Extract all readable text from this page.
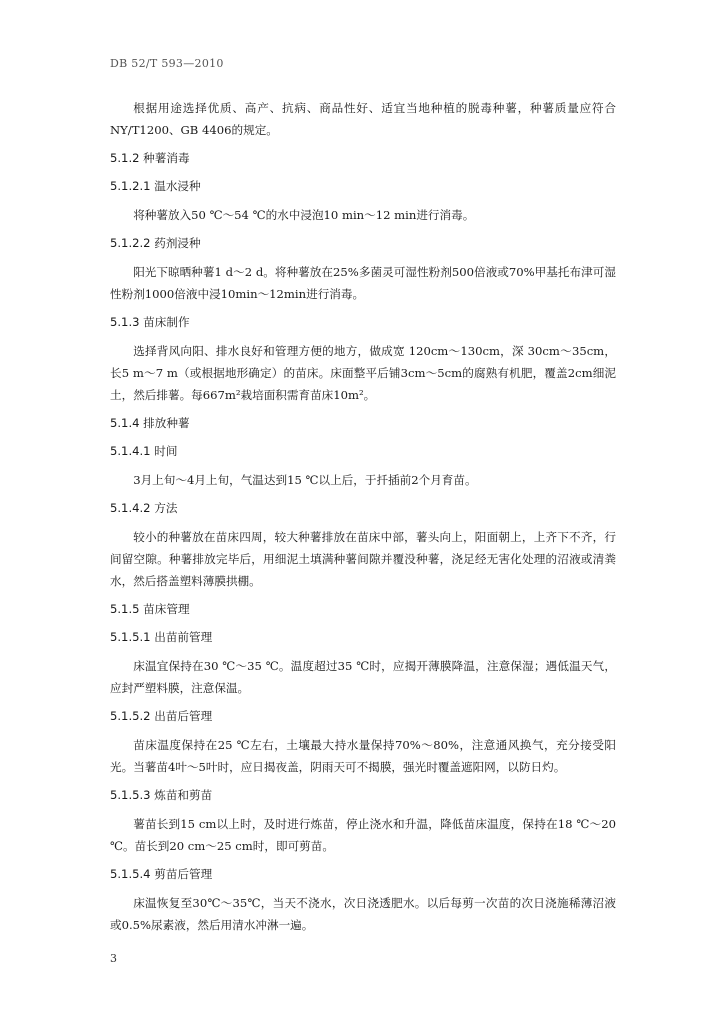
DB 52/T 593—2010

根据用途选择优质、高产、抗病、商品性好、适宜当地种植的脱毒种薯，种薯质量应符合NY/T1200、GB 4406的规定。

5.1.2 种薯消毒
5.1.2.1 温水浸种

将种薯放入50 ℃～54 ℃的水中浸泡10 min～12 min进行消毒。

5.1.2.2 药剂浸种

阳光下晾晒种薯1 d～2 d。将种薯放在25%多菌灵可湿性粉剂500倍液或70%甲基托布津可湿性粉剂1000倍液中浸10min～12min进行消毒。

5.1.3 苗床制作

选择背风向阳、排水良好和管理方便的地方，做成宽 120cm～130cm，深 30cm～35cm，长5 m～7 m（或根据地形确定）的苗床。床面整平后铺3cm～5cm的腐熟有机肥，覆盖2cm细泥土，然后排薯。每667m²栽培面积需育苗床10m²。

5.1.4 排放种薯
5.1.4.1 时间

3月上旬～4月上旬，气温达到15 ℃以上后，于扦插前2个月育苗。

5.1.4.2 方法

较小的种薯放在苗床四周，较大种薯排放在苗床中部，薯头向上，阳面朝上，上齐下不齐，行间留空隙。种薯排放完毕后，用细泥土填满种薯间隙并覆没种薯，浇足经无害化处理的沼液或清粪水，然后搭盖塑料薄膜拱棚。

5.1.5 苗床管理
5.1.5.1 出苗前管理

床温宜保持在30 ℃～35 ℃。温度超过35 ℃时，应揭开薄膜降温，注意保湿；遇低温天气，应封严塑料膜，注意保温。

5.1.5.2 出苗后管理

苗床温度保持在25 ℃左右，土壤最大持水量保持70%～80%，注意通风换气，充分接受阳光。当薯苗4叶～5叶时，应日揭夜盖，阴雨天可不揭膜，强光时覆盖遮阳网，以防日灼。

5.1.5.3 炼苗和剪苗

薯苗长到15 cm以上时，及时进行炼苗，停止浇水和升温，降低苗床温度，保持在18 ℃～20 ℃。苗长到20 cm～25 cm时，即可剪苗。

5.1.5.4 剪苗后管理

床温恢复至30℃～35℃，当天不浇水，次日浇透肥水。以后每剪一次苗的次日浇施稀薄沼液或0.5%尿素液，然后用清水冲淋一遍。

3
